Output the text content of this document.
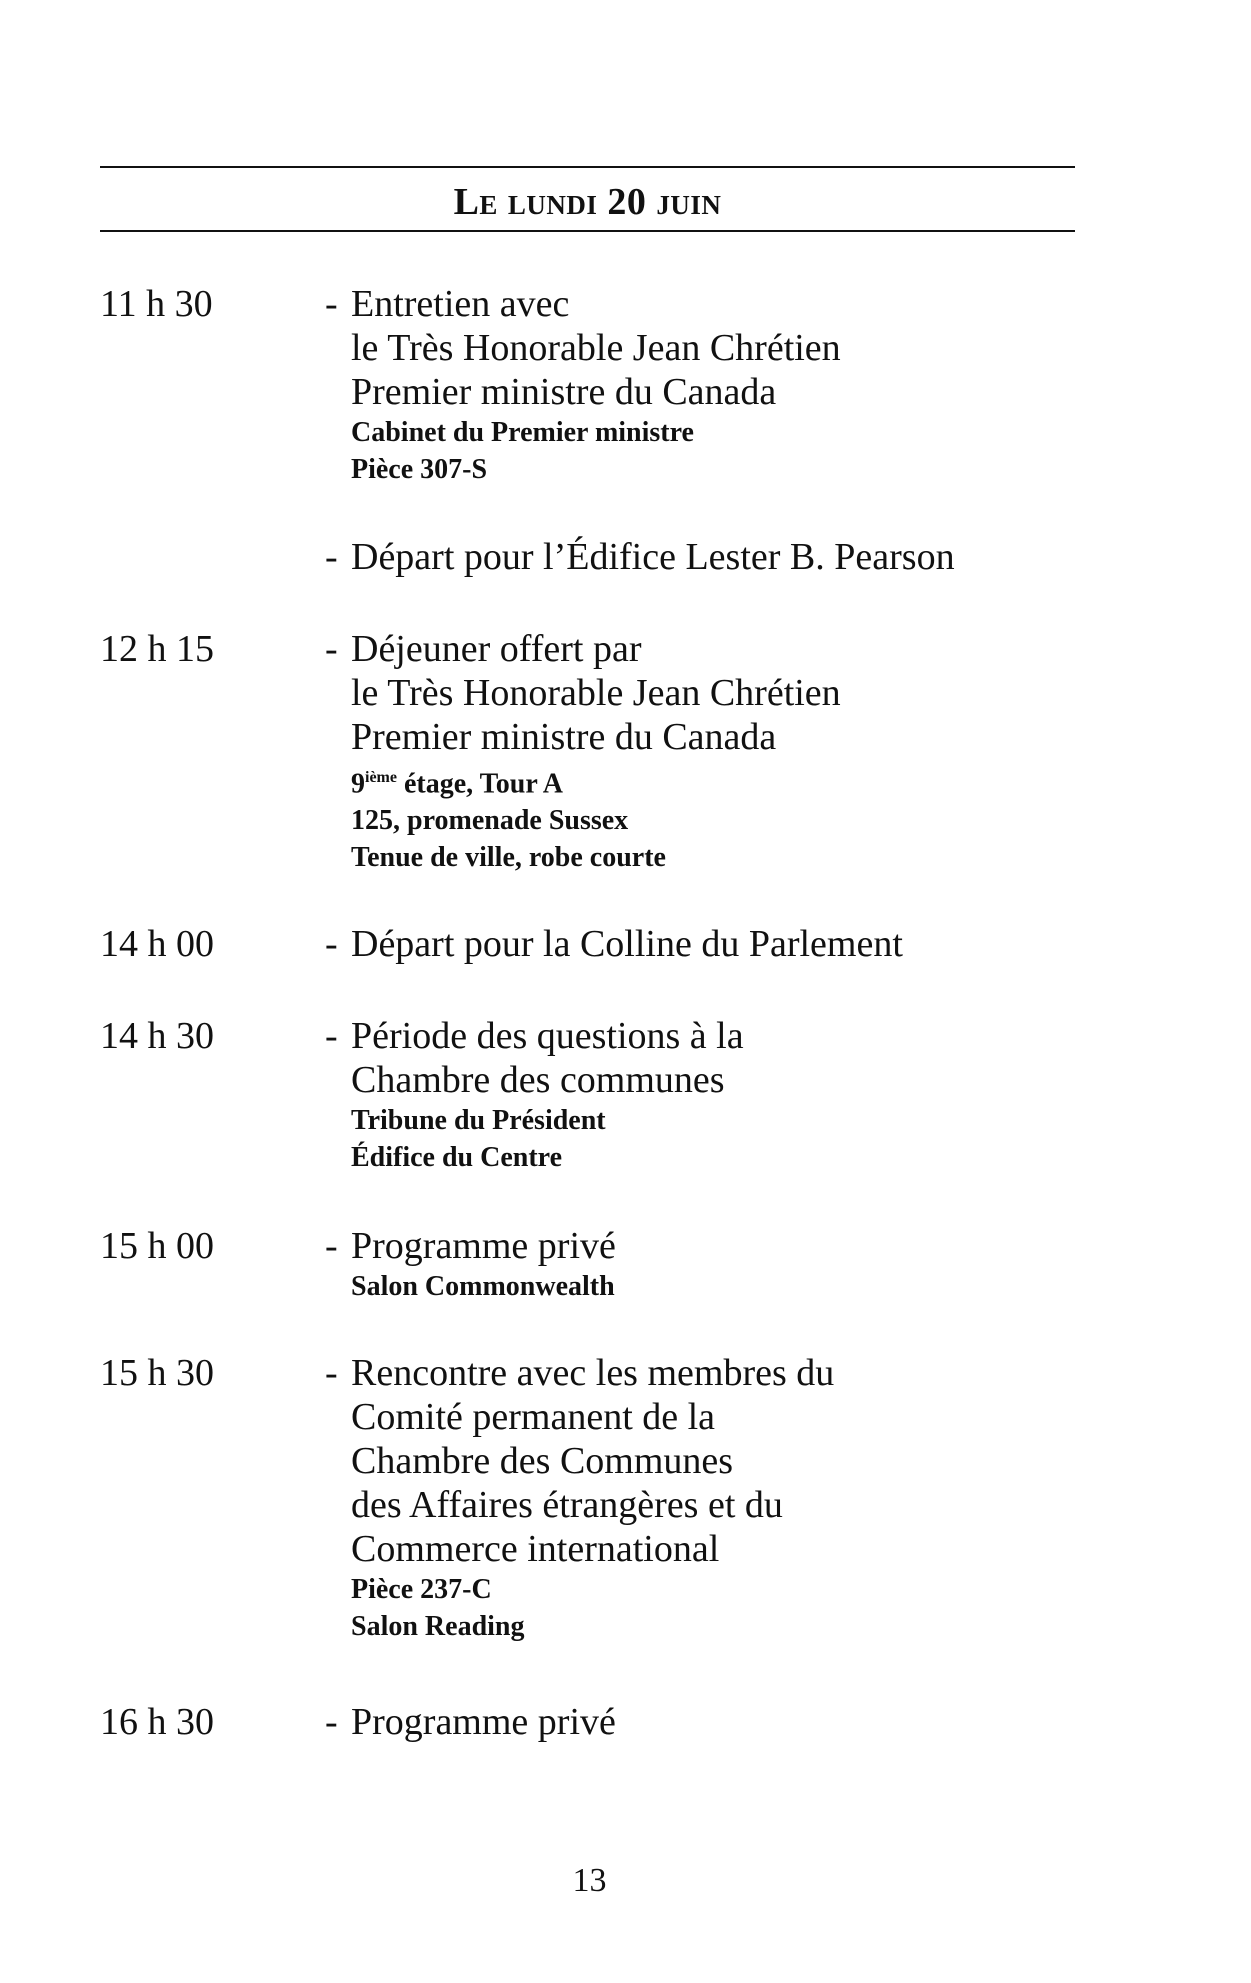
Le lundi 20 juin
11 h 30	- Entretien avec
le Très Honorable Jean Chrétien
Premier ministre du Canada
Cabinet du Premier ministre
Pièce 307-S
- Départ pour l’Édifice Lester B. Pearson
12 h 15	- Déjeuner offert par
le Très Honorable Jean Chrétien
Premier ministre du Canada
9ième étage, Tour A
125, promenade Sussex
Tenue de ville, robe courte
14 h 00	- Départ pour la Colline du Parlement
14 h 30	- Période des questions à la
Chambre des communes
Tribune du Président
Édifice du Centre
15 h 00	- Programme privé
Salon Commonwealth
15 h 30	- Rencontre avec les membres du
Comité permanent de la
Chambre des Communes
des Affaires étrangères et du
Commerce international
Pièce 237-C
Salon Reading
16 h 30	- Programme privé
13
